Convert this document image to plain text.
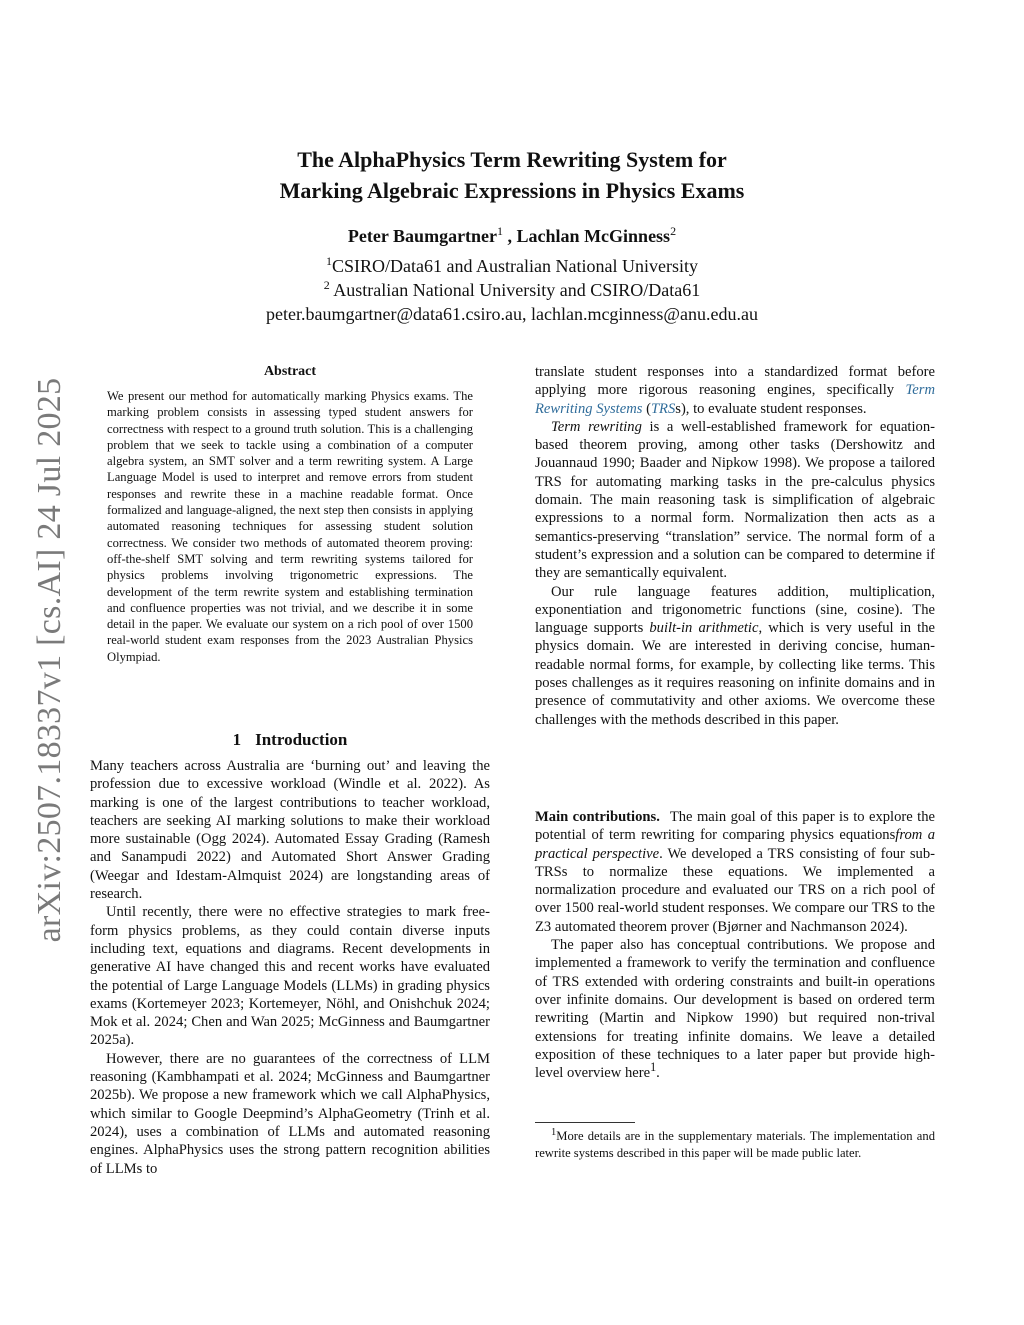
arXiv:2507.18337v1 [cs.AI] 24 Jul 2025
The AlphaPhysics Term Rewriting System for
Marking Algebraic Expressions in Physics Exams
Peter Baumgartner$^1$ , Lachlan McGinness$^2$
$^1$CSIRO/Data61 and Australian National University
$^2$ Australian National University and CSIRO/Data61
peter.baumgartner@data61.csiro.au, lachlan.mcginness@anu.edu.au
Abstract
We present our method for automatically marking Physics exams. The marking problem consists in assessing typed student answers for correctness with respect to a ground truth solution. This is a challenging problem that we seek to tackle using a combination of a computer algebra system, an SMT solver and a term rewriting system. A Large Language Model is used to interpret and remove errors from student responses and rewrite these in a machine readable format. Once formalized and language-aligned, the next step then consists in applying automated reasoning techniques for assessing student solution correctness. We consider two methods of automated theorem proving: off-the-shelf SMT solving and term rewriting systems tailored for physics problems involving trigonometric expressions. The development of the term rewrite system and establishing termination and confluence properties was not trivial, and we describe it in some detail in the paper. We evaluate our system on a rich pool of over 1500 real-world student exam responses from the 2023 Australian Physics Olympiad.
1 Introduction

Many teachers across Australia are ‘burning out’ and leaving the profession due to excessive workload (Windle et al. 2022). As marking is one of the largest contributions to teacher workload, teachers are seeking AI marking solutions to make their workload more sustainable (Ogg 2024). Automated Essay Grading (Ramesh and Sanampudi 2022) and Automated Short Answer Grading (Weegar and Idestam-Almquist 2024) are longstanding areas of research.

Until recently, there were no effective strategies to mark free-form physics problems, as they could contain diverse inputs including text, equations and diagrams. Recent developments in generative AI have changed this and recent works have evaluated the potential of Large Language Models (LLMs) in grading physics exams (Kortemeyer 2023; Kortemeyer, Nöhl, and Onishchuk 2024; Mok et al. 2024; Chen and Wan 2025; McGinness and Baumgartner 2025a).

However, there are no guarantees of the correctness of LLM reasoning (Kambhampati et al. 2024; McGinness and Baumgartner 2025b). We propose a new framework which we call AlphaPhysics, which similar to Google Deepmind’s AlphaGeometry (Trinh et al. 2024), uses a combination of LLMs and automated reasoning engines. AlphaPhysics uses the strong pattern recognition abilities of LLMs to

translate student responses into a standardized format before applying more rigorous reasoning engines, specifically Term Rewriting Systems (TRSs), to evaluate student responses.

Term rewriting is a well-established framework for equation-based theorem proving, among other tasks (Dershowitz and Jouannaud 1990; Baader and Nipkow 1998). We propose a tailored TRS for automating marking tasks in the pre-calculus physics domain. The main reasoning task is simplification of algebraic expressions to a normal form. Normalization then acts as a semantics-preserving “translation” service. The normal form of a student’s expression and a solution can be compared to determine if they are semantically equivalent.

Our rule language features addition, multiplication, exponentiation and trigonometric functions (sine, cosine). The language supports built-in arithmetic, which is very useful in the physics domain. We are interested in deriving concise, human-readable normal forms, for example, by collecting like terms. This poses challenges as it requires reasoning on infinite domains and in presence of commutativity and other axioms. We overcome these challenges with the methods described in this paper.

Main contributions. The main goal of this paper is to explore the potential of term rewriting for comparing physics equationsfrom a practical perspective. We developed a TRS consisting of four sub-TRSs to normalize these equations. We implemented a normalization procedure and evaluated our TRS on a rich pool of over 1500 real-world student responses. We compare our TRS to the Z3 automated theorem prover (Bjørner and Nachmanson 2024).

The paper also has conceptual contributions. We propose and implemented a framework to verify the termination and confluence of TRS extended with ordering constraints and built-in operations over infinite domains. Our development is based on ordered term rewriting (Martin and Nipkow 1990) but required non-trival extensions for treating infinite domains. We leave a detailed exposition of these techniques to a later paper but provide high-level overview here$^1$.

$^1$More details are in the supplementary materials. The implementation and rewrite systems described in this paper will be made public later.
